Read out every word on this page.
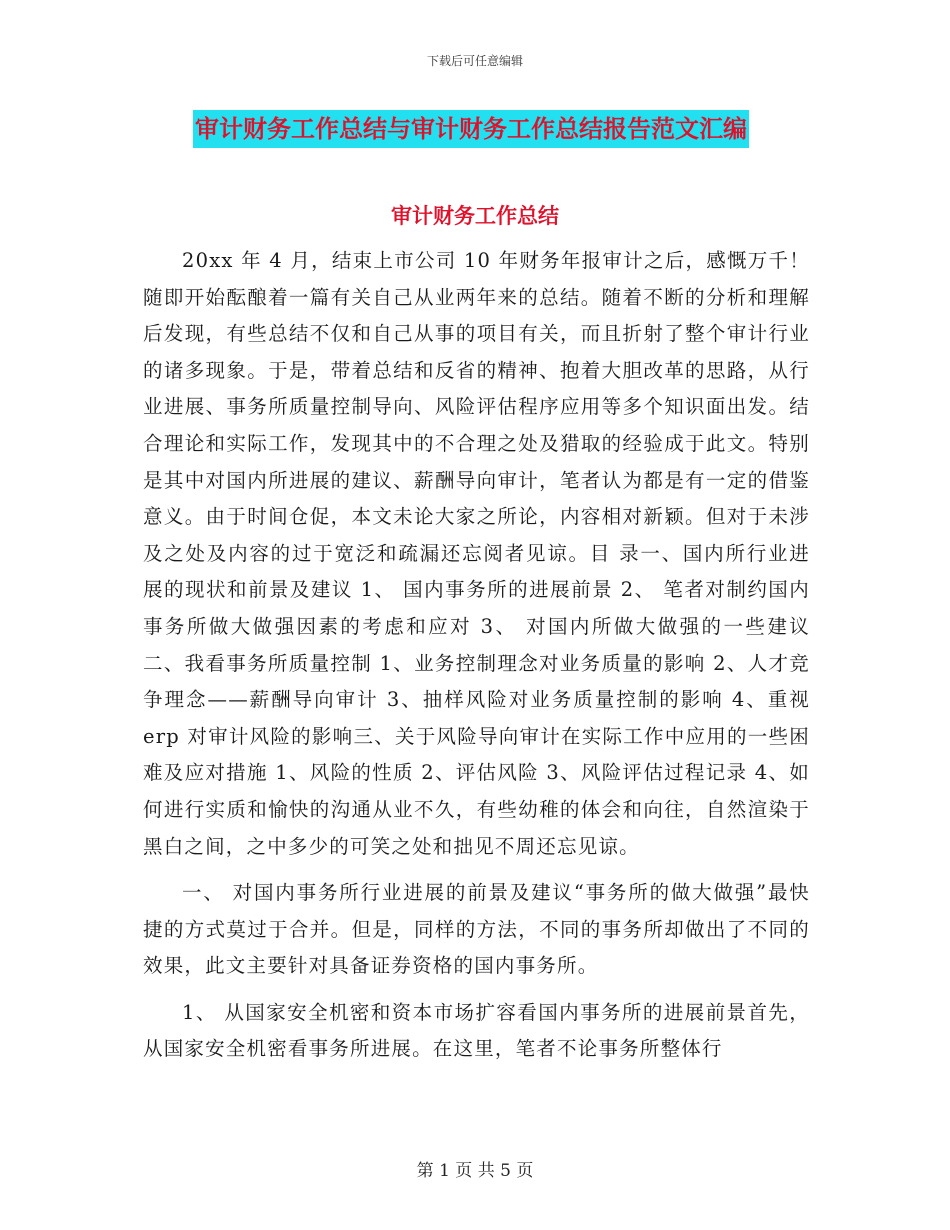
下载后可任意编辑
审计财务工作总结与审计财务工作总结报告范文汇编
审计财务工作总结

20xx 年 4 月，结束上市公司 10 年财务年报审计之后，感慨万千！随即开始酝酿着一篇有关自己从业两年来的总结。随着不断的分析和理解后发现，有些总结不仅和自己从事的项目有关，而且折射了整个审计行业的诸多现象。于是，带着总结和反省的精神、抱着大胆改革的思路，从行业进展、事务所质量控制导向、风险评估程序应用等多个知识面出发。结合理论和实际工作，发现其中的不合理之处及猎取的经验成于此文。特别是其中对国内所进展的建议、薪酬导向审计，笔者认为都是有一定的借鉴意义。由于时间仓促，本文未论大家之所论，内容相对新颖。但对于未涉及之处及内容的过于宽泛和疏漏还忘阅者见谅。目 录一、国内所行业进展的现状和前景及建议 1、 国内事务所的进展前景 2、 笔者对制约国内事务所做大做强因素的考虑和应对 3、 对国内所做大做强的一些建议二、我看事务所质量控制 1、业务控制理念对业务质量的影响 2、人才竞争理念——薪酬导向审计 3、抽样风险对业务质量控制的影响 4、重视 erp 对审计风险的影响三、关于风险导向审计在实际工作中应用的一些困难及应对措施 1、风险的性质 2、评估风险 3、风险评估过程记录 4、如何进行实质和愉快的沟通从业不久，有些幼稚的体会和向往，自然渲染于黑白之间，之中多少的可笑之处和拙见不周还忘见谅。

一、 对国内事务所行业进展的前景及建议“事务所的做大做强”最快捷的方式莫过于合并。但是，同样的方法，不同的事务所却做出了不同的效果，此文主要针对具备证券资格的国内事务所。

1、 从国家安全机密和资本市场扩容看国内事务所的进展前景首先，从国家安全机密看事务所进展。在这里，笔者不论事务所整体行

第 1 页 共 5 页
